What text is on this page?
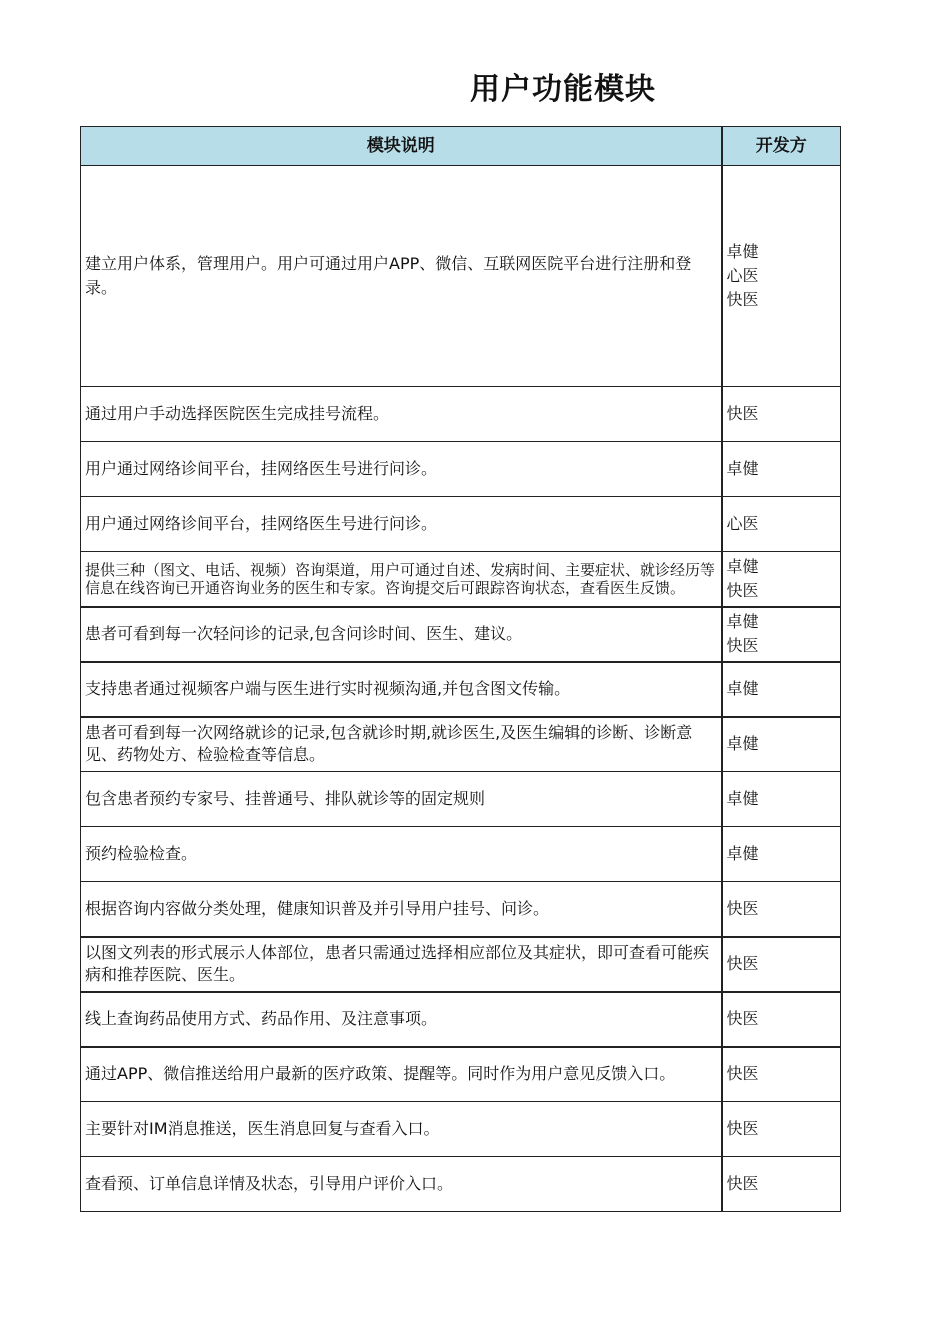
用户功能模块
模块说明	开发方
建立用户体系，管理用户。用户可通过用户APP、微信、互联网医院平台进行注册和登录。	卓健
心医
快医

通过用户手动选择医院医生完成挂号流程。	快医

用户通过网络诊间平台，挂网络医生号进行问诊。	卓健

用户通过网络诊间平台，挂网络医生号进行问诊。	心医

提供三种（图文、电话、视频）咨询渠道，用户可通过自述、发病时间、主要症状、就诊经历等信息在线咨询已开通咨询业务的医生和专家。咨询提交后可跟踪咨询状态，查看医生反馈。	卓健
快医

患者可看到每一次轻问诊的记录,包含问诊时间、医生、建议。	卓健
快医

支持患者通过视频客户端与医生进行实时视频沟通,并包含图文传输。	卓健

患者可看到每一次网络就诊的记录,包含就诊时期,就诊医生,及医生编辑的诊断、诊断意见、药物处方、检验检查等信息。	卓健

包含患者预约专家号、挂普通号、排队就诊等的固定规则	卓健

预约检验检查。	卓健

根据咨询内容做分类处理，健康知识普及并引导用户挂号、问诊。	快医

以图文列表的形式展示人体部位，患者只需通过选择相应部位及其症状，即可查看可能疾病和推荐医院、医生。	快医

线上查询药品使用方式、药品作用、及注意事项。	快医

通过APP、微信推送给用户最新的医疗政策、提醒等。同时作为用户意见反馈入口。	快医

主要针对IM消息推送，医生消息回复与查看入口。	快医

查看预、订单信息详情及状态，引导用户评价入口。	快医
